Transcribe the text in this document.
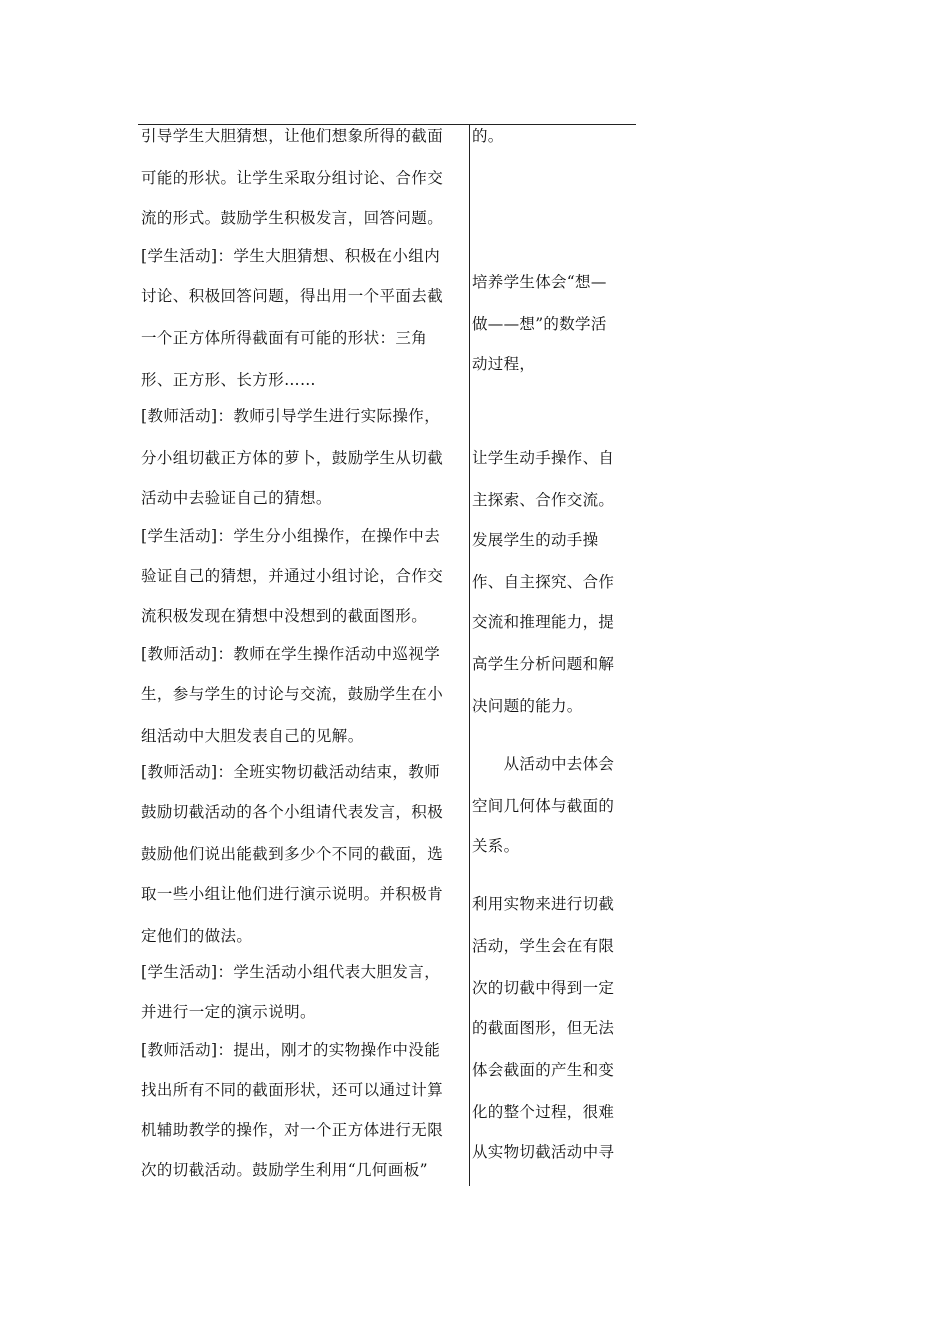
引导学生大胆猜想，让他们想象所得的截面
可能的形状。让学生采取分组讨论、合作交
流的形式。鼓励学生积极发言，回答问题。
[学生活动]：学生大胆猜想、积极在小组内
讨论、积极回答问题，得出用一个平面去截
一个正方体所得截面有可能的形状：三角
形、正方形、长方形……
[教师活动]：教师引导学生进行实际操作，
分小组切截正方体的萝卜，鼓励学生从切截
活动中去验证自己的猜想。
[学生活动]：学生分小组操作，在操作中去
验证自己的猜想，并通过小组讨论，合作交
流积极发现在猜想中没想到的截面图形。
[教师活动]：教师在学生操作活动中巡视学
生，参与学生的讨论与交流，鼓励学生在小
组活动中大胆发表自己的见解。
[教师活动]：全班实物切截活动结束，教师
鼓励切截活动的各个小组请代表发言，积极
鼓励他们说出能截到多少个不同的截面，选
取一些小组让他们进行演示说明。并积极肯
定他们的做法。
[学生活动]：学生活动小组代表大胆发言，
并进行一定的演示说明。
[教师活动]：提出，刚才的实物操作中没能
找出所有不同的截面形状，还可以通过计算
机辅助教学的操作，对一个正方体进行无限
次的切截活动。鼓励学生利用“几何画板”
的。
培养学生体会“想—
做——想”的数学活
动过程，
让学生动手操作、自
主探索、合作交流。
发展学生的动手操
作、自主探究、合作
交流和推理能力，提
高学生分析问题和解
决问题的能力。
　　从活动中去体会
空间几何体与截面的
关系。
利用实物来进行切截
活动，学生会在有限
次的切截中得到一定
的截面图形，但无法
体会截面的产生和变
化的整个过程，很难
从实物切截活动中寻
